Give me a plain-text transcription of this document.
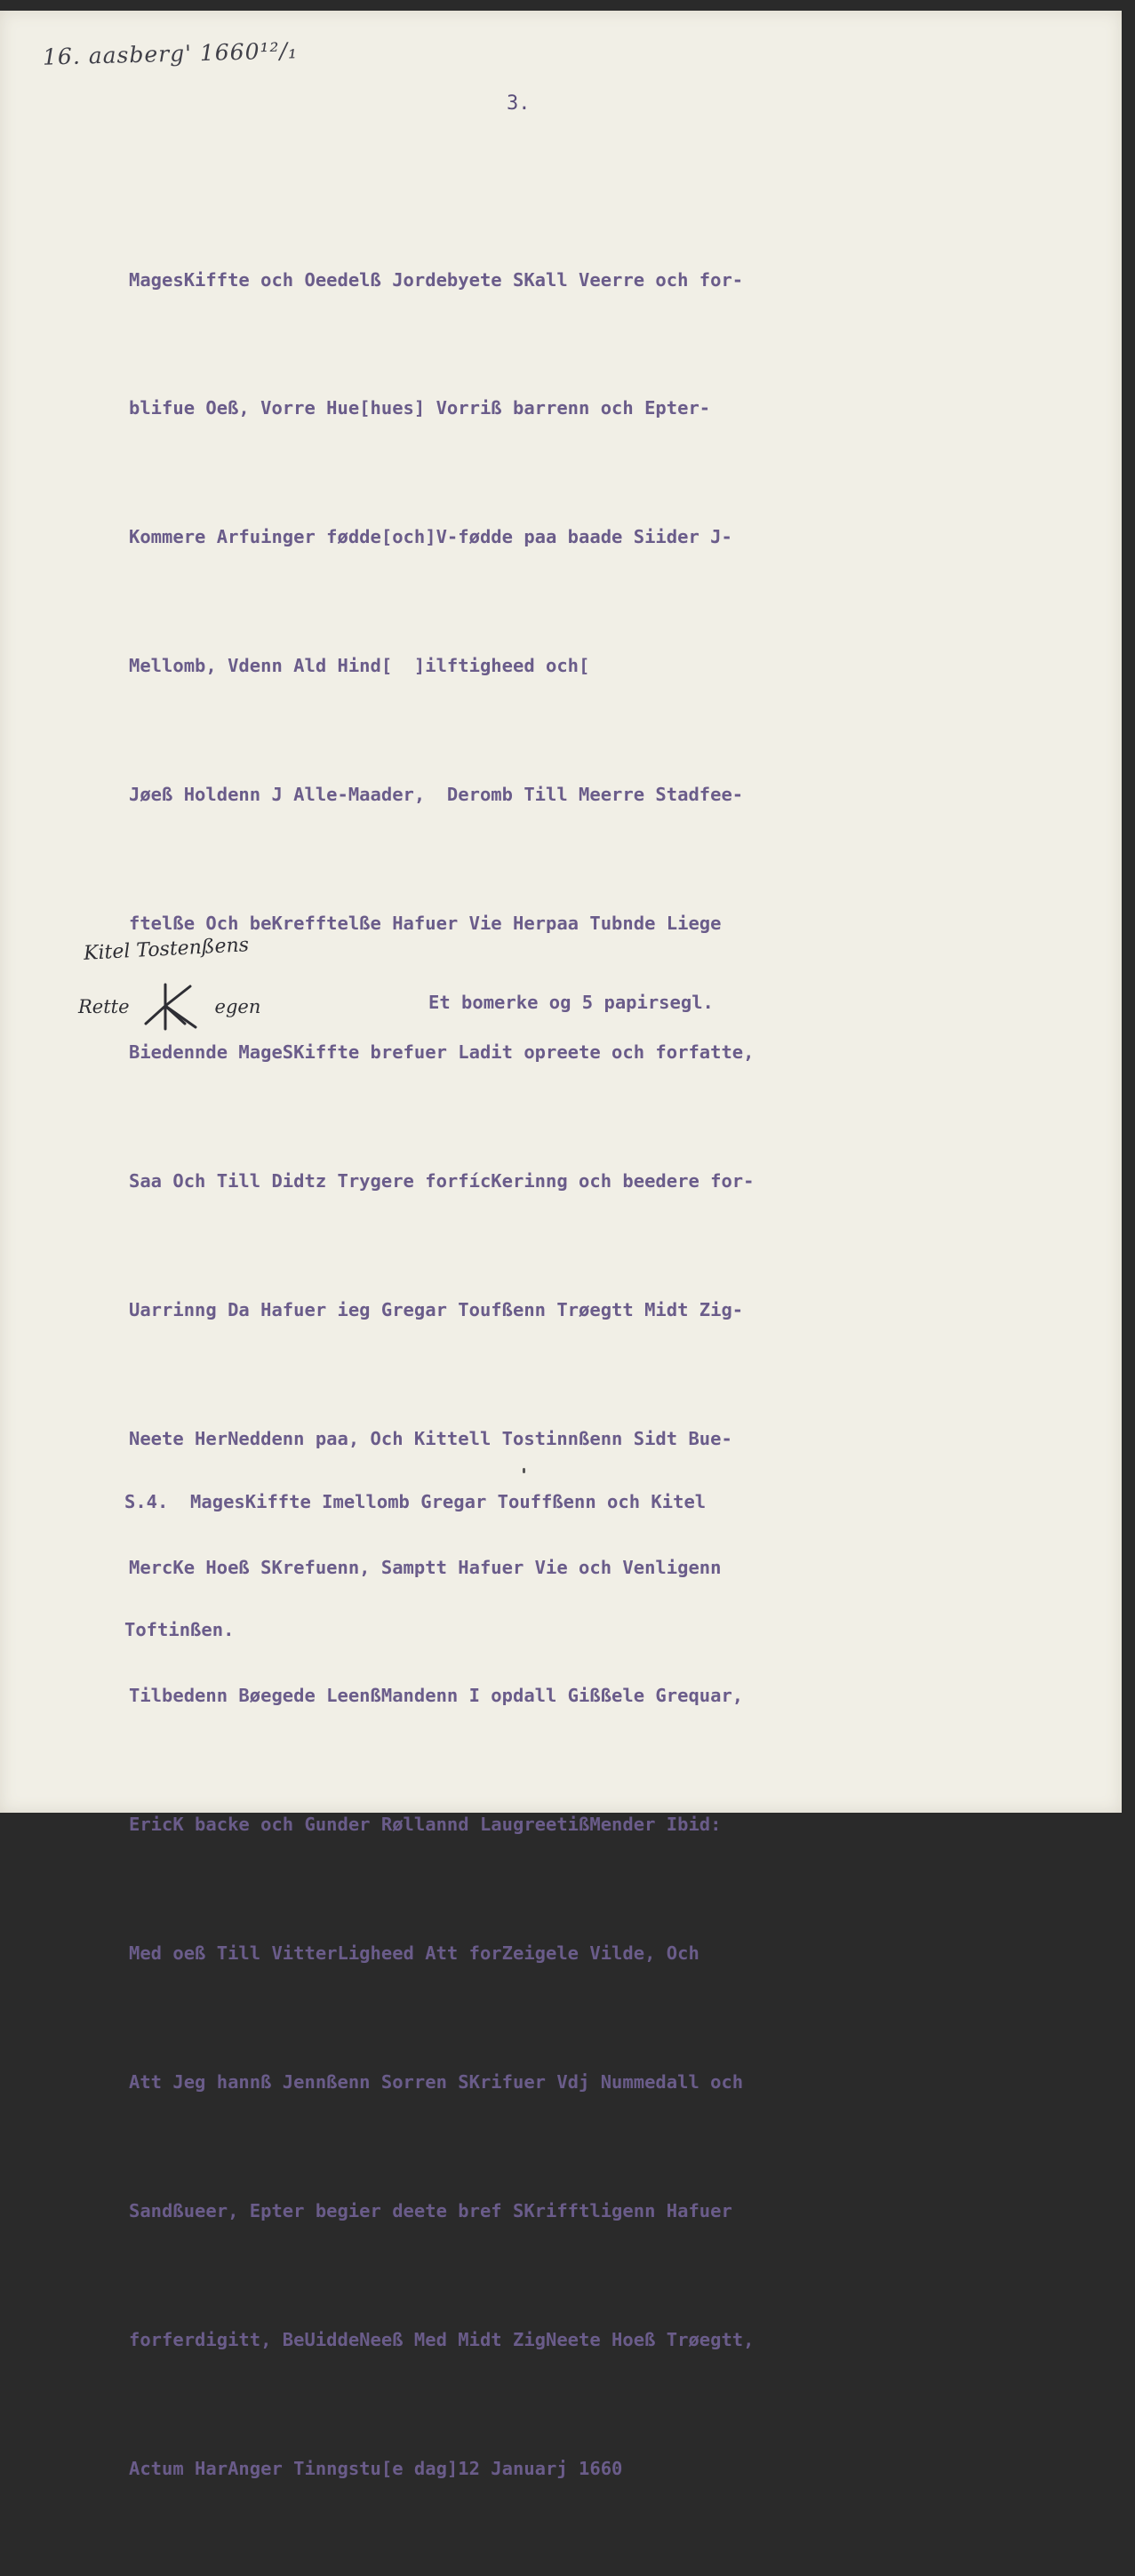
16. aasberg' 1660¹²/₁
3.

MagesKiffte och Oeedelß Jordebyete SKall Veerre och for-

blifue Oeß, Vorre Hue[hues] Vorriß barrenn och Epter-

Kommere Arfuinger fødde[och]V-fødde paa baade Siider J-

Mellomb, Vdenn Ald Hind[  ]ilftigheed och[

Jøeß Holdenn J Alle-Maader,  Deromb Till Meerre Stadfee-

ftelße Och beKrefftelße Hafuer Vie Herpaa Tubnde Liege

Biedennde MageSKiffte brefuer Ladit opreete och forfatte,

Saa Och Till Didtz Trygere forfícKerinng och beedere for-

Uarrinng Da Hafuer ieg Gregar Toufßenn Trøegtt Midt Zig-

Neete HerNeddenn paa, Och Kittell Tostinnßenn Sidt Bue-

MercKe Hoeß SKrefuenn, Samptt Hafuer Vie och Venligenn

Tilbedenn Bøegede LeenßMandenn I opdall Gißßele Grequar,

EricK backe och Gunder Røllannd LaugreetißMender Ibid:

Med oeß Till VitterLigheed Att forZeigele Vilde, Och

Att Jeg hannß Jennßenn Sorren SKrifuer Vdj Nummedall och

Sandßueer, Epter begier deete bref SKrifftligenn Hafuer

forferdigitt, BeUiddeNeeß Med Midt ZigNeete Hoeß Trøegtt,

Actum HarAnger Tinngstu[e dag]12 Januarj 1660

Kitel Tostenßens
Rette	egen	Et bomerke og 5 papirsegl.

S.4.  MagesKiffte Imellomb Gregar Touffßenn och Kitel

Toftinßen.
